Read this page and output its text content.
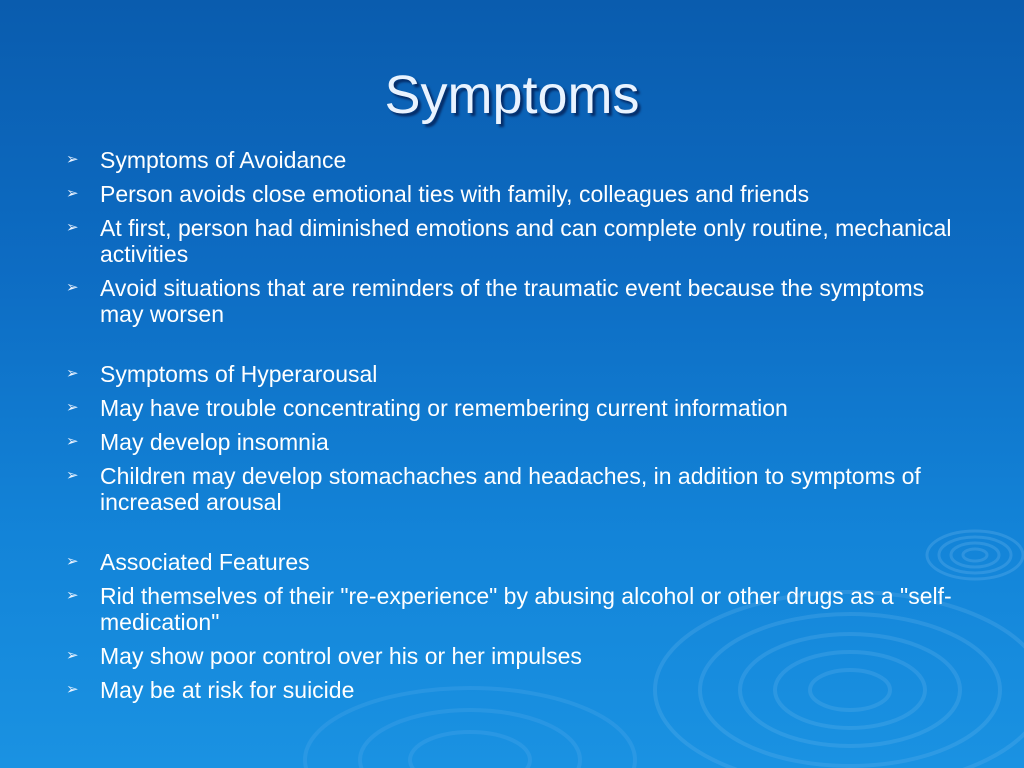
Symptoms
➢ Symptoms of Avoidance
➢ Person avoids close emotional ties with family, colleagues and friends
➢ At first, person had diminished emotions and can complete only routine, mechanical activities
➢ Avoid situations that are reminders of the traumatic event because the symptoms may worsen
➢ Symptoms of Hyperarousal
➢ May have trouble concentrating or remembering current information
➢ May develop insomnia
➢ Children may develop stomachaches and headaches, in addition to symptoms of increased arousal
➢ Associated Features
➢ Rid themselves of their "re-experience" by abusing alcohol or other drugs as a "self-medication"
➢ May show poor control over his or her impulses
➢ May be at risk for suicide
